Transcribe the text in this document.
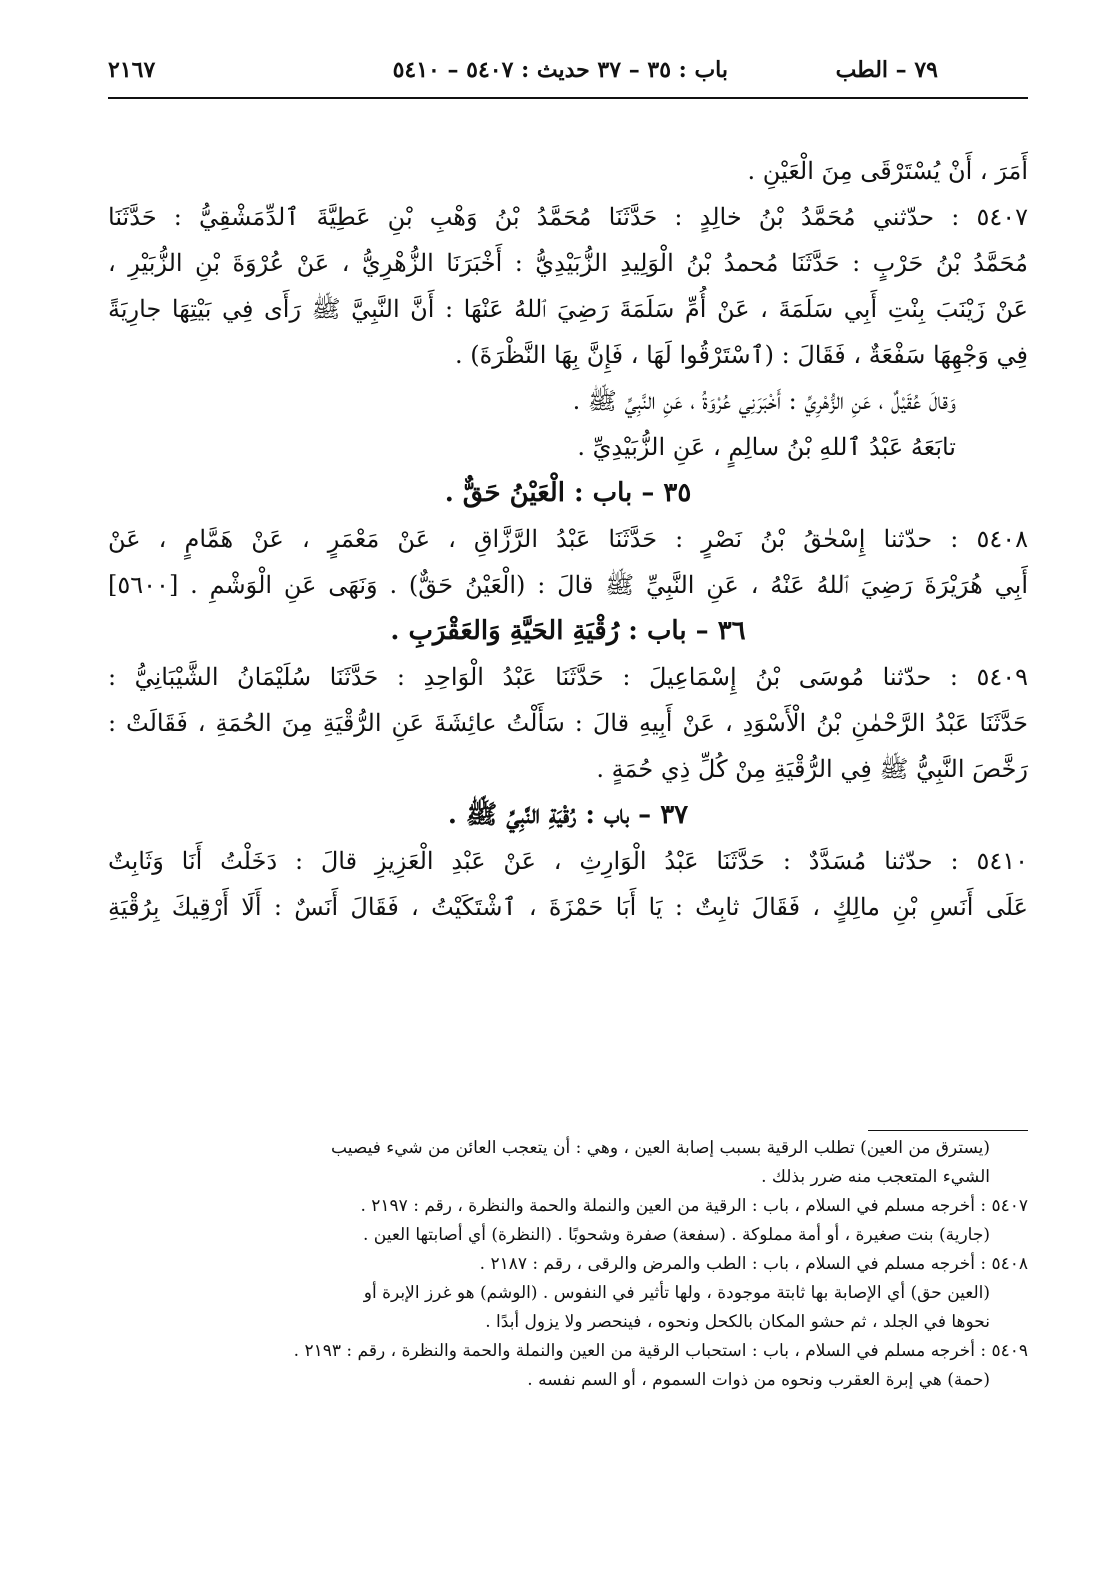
٧٩ – الطب
باب : ٣٥ – ٣٧ حديث : ٥٤٠٧ – ٥٤١٠
٢١٦٧
أَمَرَ ، أَنْ يُسْتَرْقَى مِنَ الْعَيْنِ .
٥٤٠٧ : حدّثني مُحَمَّدُ بْنُ خالِدٍ : حَدَّثَنَا مُحَمَّدُ بْنُ وَهْبِ بْنِ عَطِيَّةَ ٱلدِّمَشْقِيُّ : حَدَّثَنَا
مُحَمَّدُ بْنُ حَرْبٍ : حَدَّثَنَا مُحمدُ بْنُ الْوَلِيدِ الزُّبَيْدِيُّ : أَخْبَرَنَا الزُّهْرِيُّ ، عَنْ عُرْوَةَ بْنِ الزُّبَيْرِ ،
عَنْ زَيْنَبَ بِنْتِ أَبِي سَلَمَةَ ، عَنْ أُمِّ سَلَمَةَ رَضِيَ ٱللهُ عَنْهَا : أَنَّ النَّبِيَّ ﷺ رَأَى فِي بَيْتِهَا جارِيَةً
فِي وَجْهِهَا سَفْعَةٌ ، فَقَالَ : (ٱسْتَرْقُوا لَهَا ، فَإِنَّ بِهَا النَّظْرَةَ) .
وَقالَ عُقَيْلٌ ، عَنِ الزُّهْرِيِّ : أَخْبَرَنِي عُرْوَةُ ، عَنِ النَّبِيِّ ﷺ .
تابَعَهُ عَبْدُ ٱللهِ بْنُ سالِمٍ ، عَنِ الزُّبَيْدِيِّ .
٣٥ – باب : الْعَيْنُ حَقٌّ .
٥٤٠٨ : حدّثنا إِسْحٰقُ بْنُ نَصْرٍ : حَدَّثَنَا عَبْدُ الرَّزَّاقِ ، عَنْ مَعْمَرٍ ، عَنْ هَمَّامٍ ، عَنْ
أَبِي هُرَيْرَةَ رَضِيَ ٱللهُ عَنْهُ ، عَنِ النَّبِيِّ ﷺ قالَ : (الْعَيْنُ حَقٌّ) . وَنَهَى عَنِ الْوَشْمِ . [٥٦٠٠]
٣٦ – باب : رُقْيَةِ الحَيَّةِ وَالعَقْرَبِ .
٥٤٠٩ : حدّثنا مُوسَى بْنُ إِسْمَاعِيلَ : حَدَّثَنَا عَبْدُ الْوَاحِدِ : حَدَّثَنَا سُلَيْمَانُ الشَّيْبَانِيُّ :
حَدَّثَنَا عَبْدُ الرَّحْمٰنِ بْنُ الْأَسْوَدِ ، عَنْ أَبِيهِ قالَ : سَأَلْتُ عائِشَةَ عَنِ الرُّقْيَةِ مِنَ الحُمَةِ ، فَقَالَتْ :
رَخَّصَ النَّبِيُّ ﷺ فِي الرُّقْيَةِ مِنْ كُلِّ ذِي حُمَةٍ .
٣٧ – باب : رُقْيَةِ النَّبِيِّ ﷺ .
٥٤١٠ : حدّثنا مُسَدَّدٌ : حَدَّثَنَا عَبْدُ الْوَارِثِ ، عَنْ عَبْدِ الْعَزِيزِ قالَ : دَخَلْتُ أَنَا وَثَابِتٌ
عَلَى أَنَسِ بْنِ مالِكٍ ، فَقَالَ ثابِتٌ : يَا أَبَا حَمْزَةَ ، ٱشْتَكَيْتُ ، فَقَالَ أَنَسٌ : أَلَا أَرْقِيكَ بِرُقْيَةِ
(يسترق من العين) تطلب الرقية بسبب إصابة العين ، وهي : أن يتعجب العائن من شيء فيصيب
الشيء المتعجب منه ضرر بذلك .
٥٤٠٧ : أخرجه مسلم في السلام ، باب : الرقية من العين والنملة والحمة والنظرة ، رقم : ٢١٩٧ .
(جارية) بنت صغيرة ، أو أمة مملوكة . (سفعة) صفرة وشحوبًا . (النظرة) أي أصابتها العين .
٥٤٠٨ : أخرجه مسلم في السلام ، باب : الطب والمرض والرقى ، رقم : ٢١٨٧ .
(العين حق) أي الإصابة بها ثابتة موجودة ، ولها تأثير في النفوس . (الوشم) هو غرز الإبرة أو
نحوها في الجلد ، ثم حشو المكان بالكحل ونحوه ، فينحصر ولا يزول أبدًا .
٥٤٠٩ : أخرجه مسلم في السلام ، باب : استحباب الرقية من العين والنملة والحمة والنظرة ، رقم : ٢١٩٣ .
(حمة) هي إبرة العقرب ونحوه من ذوات السموم ، أو السم نفسه .
